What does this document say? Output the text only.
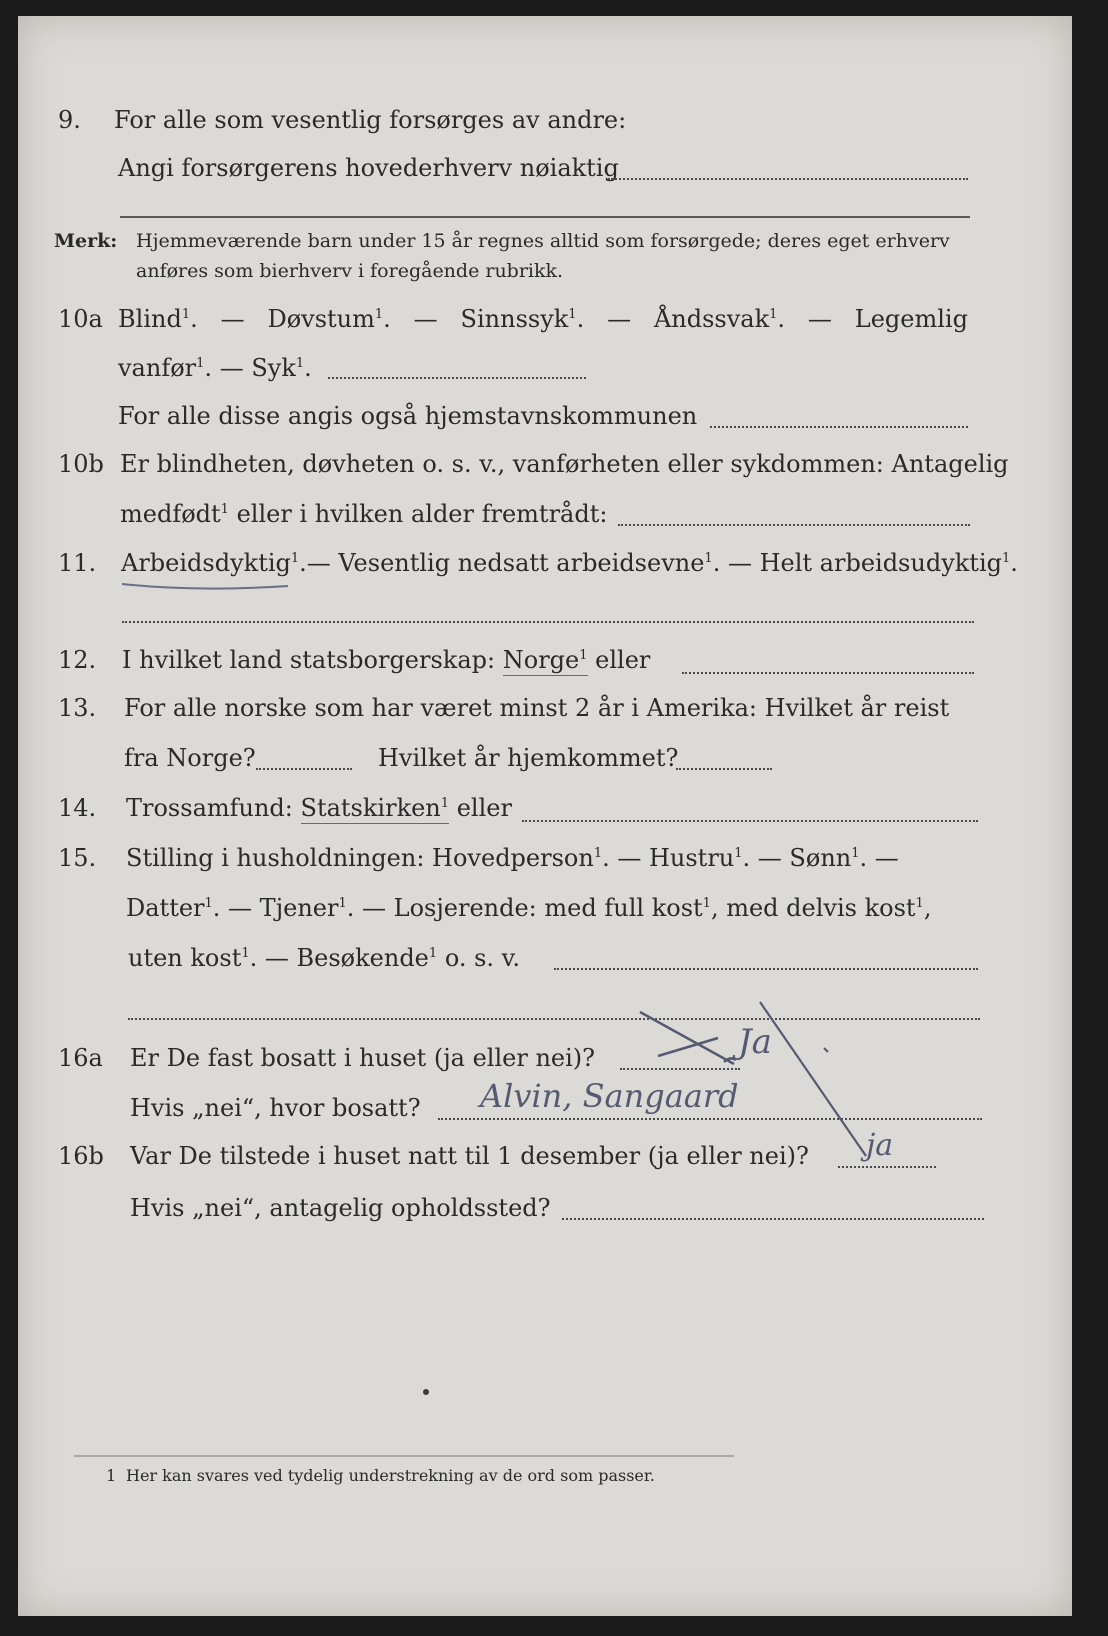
9.	For alle som vesentlig forsørges av andre:
Angi forsørgerens hovederhverv nøiaktig
Merk: Hjemmeværende barn under 15 år regnes alltid som forsørgede; deres eget erhverv
anføres som bierhverv i foregående rubrikk.
10a Blind$^1$. — Døvstum$^1$. — Sinnssyk$^1$. — Åndssvak$^1$. — Legemlig
vanfør$^1$. — Syk$^1$.
For alle disse angis også hjemstavnskommunen
10b Er blindheten, døvheten o. s. v., vanførheten eller sykdommen: Antagelig
medfødt$^1$ eller i hvilken alder fremtrådt:
11.	Arbeidsdyktig$^1$.— Vesentlig nedsatt arbeidsevne$^1$. — Helt arbeidsudyktig$^1$.
12.	I hvilket land statsborgerskap: Norge$^1$ eller
13.	For alle norske som har været minst 2 år i Amerika: Hvilket år reist
fra Norge?	Hvilket år hjemkommet?
14.	Trossamfund: Statskirken$^1$ eller
15.	Stilling i husholdningen: Hovedperson$^1$. — Hustru$^1$. — Sønn$^1$. —
Datter$^1$. — Tjener$^1$. — Losjerende: med full kost$^1$, med delvis kost$^1$,
uten kost$^1$. — Besøkende$^1$ o. s. v.
16a	Er De fast bosatt i huset (ja eller nei)?
Hvis „nei“, hvor bosatt?
16b	Var De tilstede i huset natt til 1 desember (ja eller nei)?
Hvis „nei“, antagelig opholdssted?
Ja
Alvin, Sangaard
ja
1 Her kan svares ved tydelig understrekning av de ord som passer.
